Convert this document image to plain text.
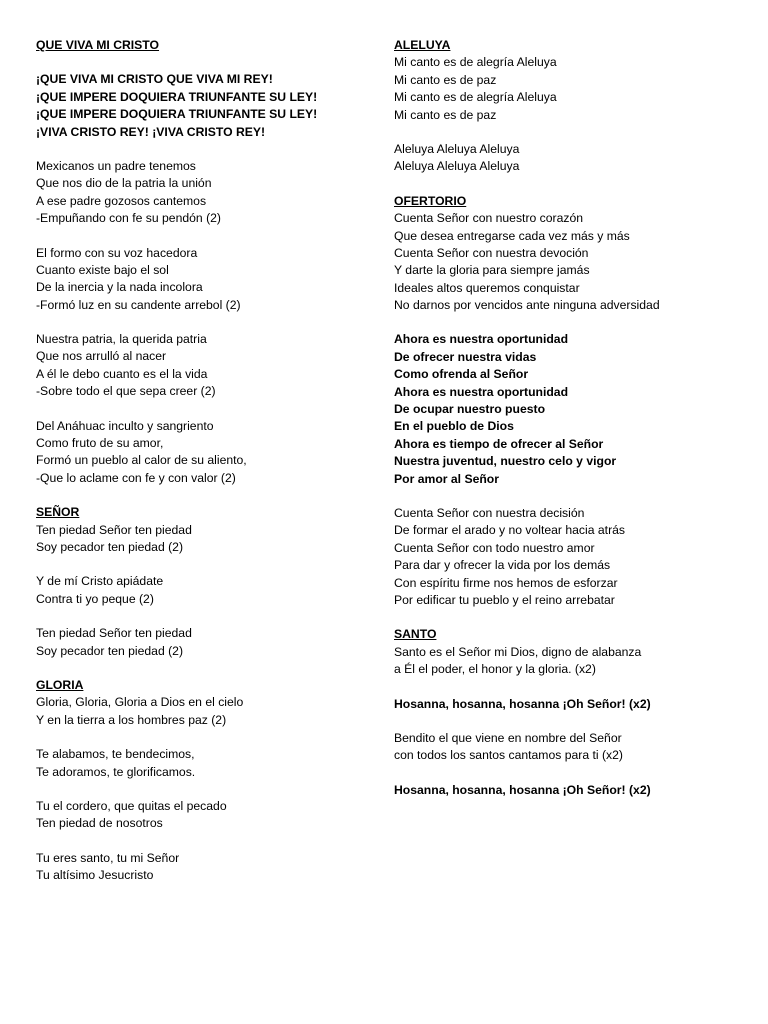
QUE VIVA MI CRISTO
¡QUE VIVA MI CRISTO QUE VIVA MI REY!
¡QUE IMPERE DOQUIERA TRIUNFANTE SU LEY!
¡QUE IMPERE DOQUIERA TRIUNFANTE SU LEY!
¡VIVA CRISTO REY! ¡VIVA CRISTO REY!
Mexicanos un padre tenemos
Que nos dio de la patria la unión
A ese padre gozosos cantemos
-Empuñando con fe su pendón (2)
El formo con su voz hacedora
Cuanto existe bajo el sol
De la inercia y la nada incolora
-Formó luz en su candente arrebol (2)
Nuestra patria, la querida patria
Que nos arrulló al nacer
A él le debo cuanto es el la vida
-Sobre todo el que sepa creer (2)
Del Anáhuac inculto y sangriento
Como fruto de su amor,
Formó un pueblo al calor de su aliento,
-Que lo aclame con fe y con valor (2)
SEÑOR
Ten piedad Señor ten piedad
Soy pecador ten piedad (2)
Y de mí Cristo apiádate
Contra ti yo peque (2)
Ten piedad Señor ten piedad
Soy pecador ten piedad (2)
GLORIA
Gloria, Gloria, Gloria a Dios en el cielo
Y en la tierra a los hombres paz (2)
Te alabamos, te bendecimos,
Te adoramos, te glorificamos.
Tu el cordero, que quitas el pecado
Ten piedad de nosotros
Tu eres santo, tu mi Señor
Tu altísimo Jesucristo
ALELUYA
Mi canto es de alegría Aleluya
Mi canto es de paz
Mi canto es de alegría Aleluya
Mi canto es de paz
Aleluya Aleluya Aleluya
Aleluya Aleluya Aleluya
OFERTORIO
Cuenta Señor con nuestro corazón
Que desea entregarse cada vez más y más
Cuenta Señor con nuestra devoción
Y darte la gloria para siempre jamás
Ideales altos queremos conquistar
No darnos por vencidos ante ninguna adversidad
Ahora es nuestra oportunidad
De ofrecer nuestra vidas
Como ofrenda al Señor
Ahora es nuestra oportunidad
De ocupar nuestro puesto
En el pueblo de Dios
Ahora es tiempo de ofrecer al Señor
Nuestra juventud, nuestro celo y vigor
Por amor al Señor
Cuenta Señor con nuestra decisión
De formar el arado y no voltear hacia atrás
Cuenta Señor con todo nuestro amor
Para dar y ofrecer la vida por los demás
Con espíritu firme nos hemos de esforzar
Por edificar tu pueblo y el reino arrebatar
SANTO
Santo es el Señor mi Dios, digno de alabanza
a Él el poder, el honor y la gloria. (x2)
Hosanna, hosanna, hosanna ¡Oh Señor! (x2)
Bendito el que viene en nombre del Señor
con todos los santos cantamos para ti (x2)
Hosanna, hosanna, hosanna ¡Oh Señor! (x2)
